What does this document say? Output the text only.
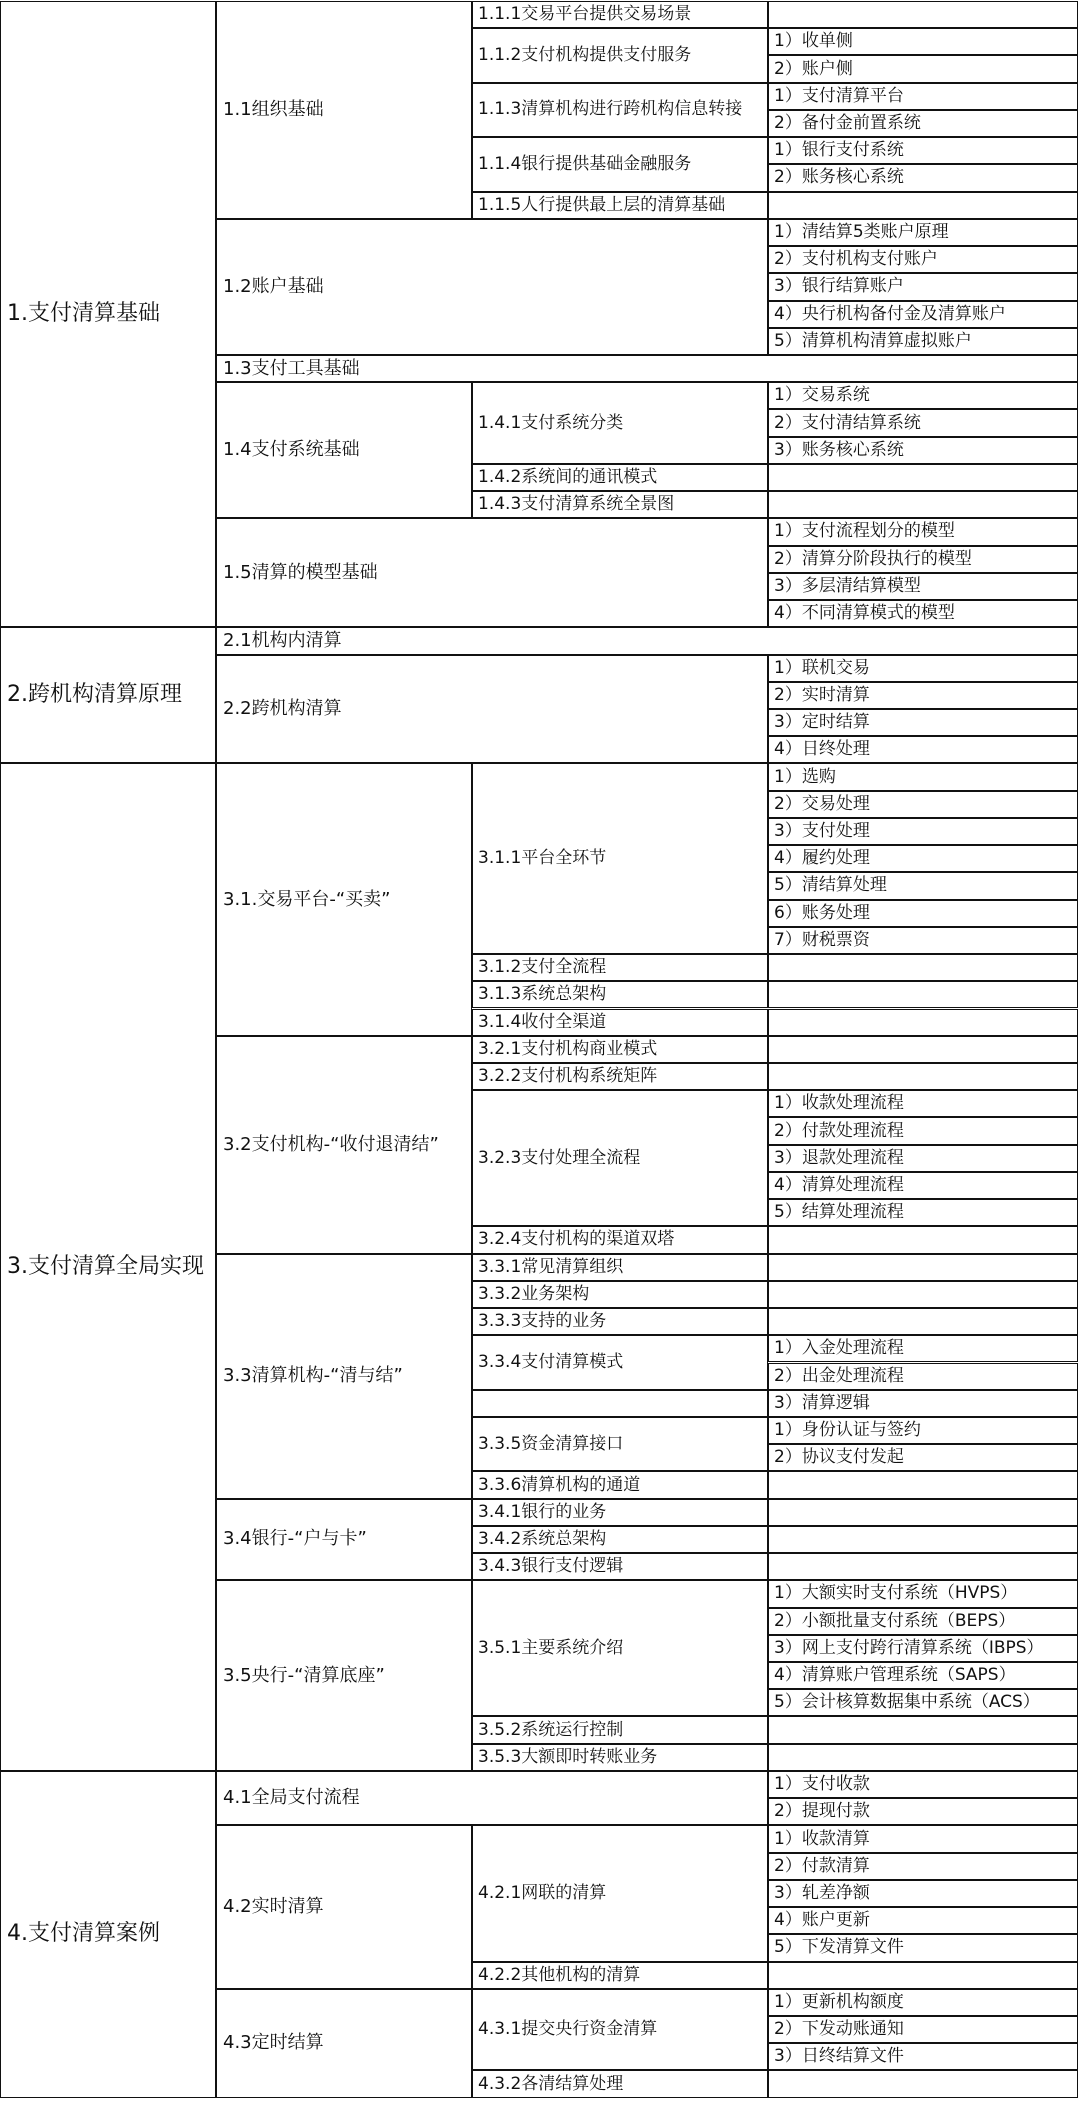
1.支付清算基础
1.1组织基础
1.1.1交易平台提供交易场景
1.1.2支付机构提供支付服务
1）收单侧
2）账户侧
1.1.3清算机构进行跨机构信息转接
1）支付清算平台
2）备付金前置系统
1.1.4银行提供基础金融服务
1）银行支付系统
2）账务核心系统
1.1.5人行提供最上层的清算基础
1.2账户基础
1）清结算5类账户原理
2）支付机构支付账户
3）银行结算账户
4）央行机构备付金及清算账户
5）清算机构清算虚拟账户
1.3支付工具基础
1.4支付系统基础
1.4.1支付系统分类
1）交易系统
2）支付清结算系统
3）账务核心系统
1.4.2系统间的通讯模式
1.4.3支付清算系统全景图
1.5清算的模型基础
1）支付流程划分的模型
2）清算分阶段执行的模型
3）多层清结算模型
4）不同清算模式的模型
2.跨机构清算原理
2.1机构内清算
2.2跨机构清算
1）联机交易
2）实时清算
3）定时结算
4）日终处理
3.支付清算全局实现
3.1.交易平台-“买卖”
3.1.1平台全环节
1）选购
2）交易处理
3）支付处理
4）履约处理
5）清结算处理
6）账务处理
7）财税票资
3.1.2支付全流程
3.1.3系统总架构
3.1.4收付全渠道
3.2支付机构-“收付退清结”
3.2.1支付机构商业模式
3.2.2支付机构系统矩阵
3.2.3支付处理全流程
1）收款处理流程
2）付款处理流程
3）退款处理流程
4）清算处理流程
5）结算处理流程
3.2.4支付机构的渠道双塔
3.3清算机构-“清与结”
3.3.1常见清算组织
3.3.2业务架构
3.3.3支持的业务
3.3.4支付清算模式
1）入金处理流程
2）出金处理流程
3）清算逻辑
3.3.5资金清算接口
1）身份认证与签约
2）协议支付发起
3.3.6清算机构的通道
3.4银行-“户与卡”
3.4.1银行的业务
3.4.2系统总架构
3.4.3银行支付逻辑
3.5央行-“清算底座”
3.5.1主要系统介绍
1）大额实时支付系统（HVPS）
2）小额批量支付系统（BEPS）
3）网上支付跨行清算系统（IBPS）
4）清算账户管理系统（SAPS）
5）会计核算数据集中系统（ACS）
3.5.2系统运行控制
3.5.3大额即时转账业务
4.支付清算案例
4.1全局支付流程
1）支付收款
2）提现付款
4.2实时清算
4.2.1网联的清算
1）收款清算
2）付款清算
3）轧差净额
4）账户更新
5）下发清算文件
4.2.2其他机构的清算
4.3定时结算
4.3.1提交央行资金清算
1）更新机构额度
2）下发动账通知
3）日终结算文件
4.3.2各清结算处理
